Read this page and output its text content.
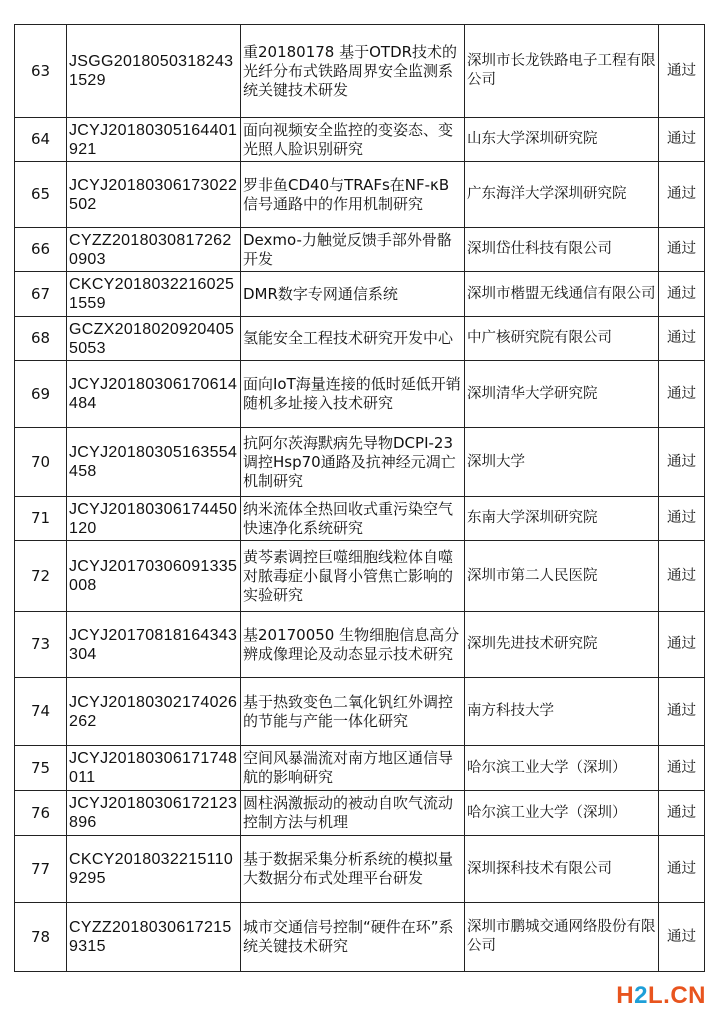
63	JSGG20180503182431529	重20180178 基于OTDR技术的光纤分布式铁路周界安全监测系统关键技术研发	深圳市长龙铁路电子工程有限公司	通过
64	JCYJ20180305164401921	面向视频安全监控的变姿态、变光照人脸识别研究	山东大学深圳研究院	通过
65	JCYJ20180306173022502	罗非鱼CD40与TRAFs在NF-κB信号通路中的作用机制研究	广东海洋大学深圳研究院	通过
66	CYZZ20180308172620903	Dexmo-力触觉反馈手部外骨骼开发	深圳岱仕科技有限公司	通过
67	CKCY20180322160251559	DMR数字专网通信系统	深圳市楷盟无线通信有限公司	通过
68	GCZX20180209204055053	氢能安全工程技术研究开发中心	中广核研究院有限公司	通过
69	JCYJ20180306170614484	面向IoT海量连接的低时延低开销随机多址接入技术研究	深圳清华大学研究院	通过
70	JCYJ20180305163554458	抗阿尔茨海默病先导物DCPI-23调控Hsp70通路及抗神经元凋亡机制研究	深圳大学	通过
71	JCYJ20180306174450120	纳米流体全热回收式重污染空气快速净化系统研究	东南大学深圳研究院	通过
72	JCYJ20170306091335008	黄芩素调控巨噬细胞线粒体自噬对脓毒症小鼠肾小管焦亡影响的实验研究	深圳市第二人民医院	通过
73	JCYJ20170818164343304	基20170050 生物细胞信息高分辨成像理论及动态显示技术研究	深圳先进技术研究院	通过
74	JCYJ20180302174026262	基于热致变色二氧化钒红外调控的节能与产能一体化研究	南方科技大学	通过
75	JCYJ20180306171748011	空间风暴湍流对南方地区通信导航的影响研究	哈尔滨工业大学（深圳）	通过
76	JCYJ20180306172123896	圆柱涡激振动的被动自吹气流动控制方法与机理	哈尔滨工业大学（深圳）	通过
77	CKCY20180322151109295	基于数据采集分析系统的模拟量大数据分布式处理平台研发	深圳探科技术有限公司	通过
78	CYZZ20180306172159315	城市交通信号控制“硬件在环”系统关键技术研究	深圳市鹏城交通网络股份有限公司	通过
H2L.CN
